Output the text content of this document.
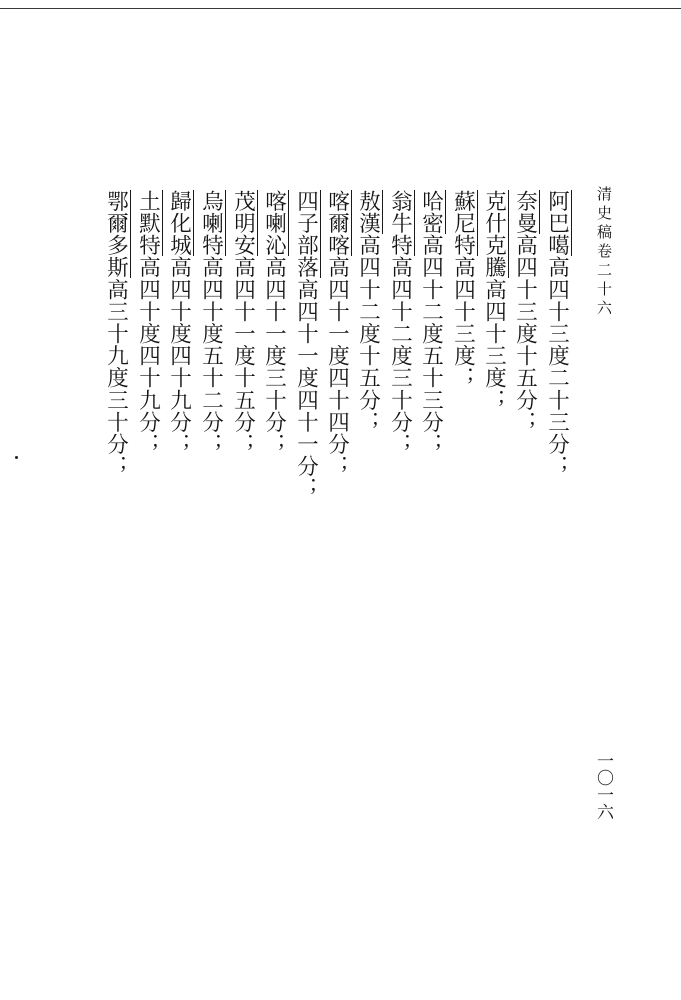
清史稿卷二十六
一〇一六
阿巴噶高四十三度二十三分；
奈曼高四十三度十五分；
克什克騰高四十三度；
蘇尼特高四十三度；
哈密高四十二度五十三分；
翁牛特高四十二度三十分；
敖漢高四十二度十五分；
喀爾喀高四十一度四十四分；
四子部落高四十一度四十一分；
喀喇沁高四十一度三十分；
茂明安高四十一度十五分；
烏喇特高四十度五十二分；
歸化城高四十度四十九分；
土默特高四十度四十九分；
鄂爾多斯高三十九度三十分；
